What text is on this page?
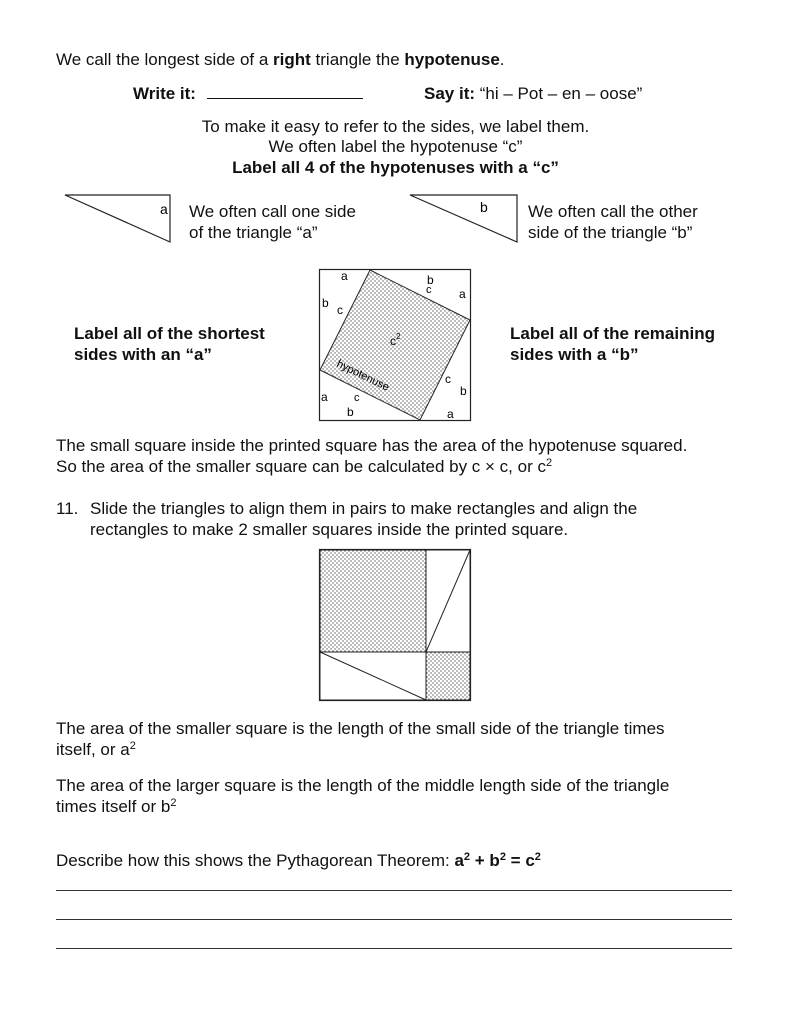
We call the longest side of a right triangle the hypotenuse.
Write it:	Say it: “hi – Pot – en – oose”
To make it easy to refer to the sides, we label them.
We often label the hypotenuse “c”
Label all 4 of the hypotenuses with a “c”
a We often call one side
of the triangle “a”
b We often call the other
side of the triangle “b”
Label all of the shortest
sides with an “a”
Label all of the remaining
sides with a “b”
a	b
a
b
a	b
b	a
c
c
c
c
$c^2$
hypotenuse
The small square inside the printed square has the area of the hypotenuse squared.
So the area of the smaller square can be calculated by c × c, or $c^2$
11. Slide the triangles to align them in pairs to make rectangles and align the
rectangles to make 2 smaller squares inside the printed square.
The area of the smaller square is the length of the small side of the triangle times
itself, or $a^2$
The area of the larger square is the length of the middle length side of the triangle
times itself or $b^2$
Describe how this shows the Pythagorean Theorem: $a^2 + b^2 = c^2$
